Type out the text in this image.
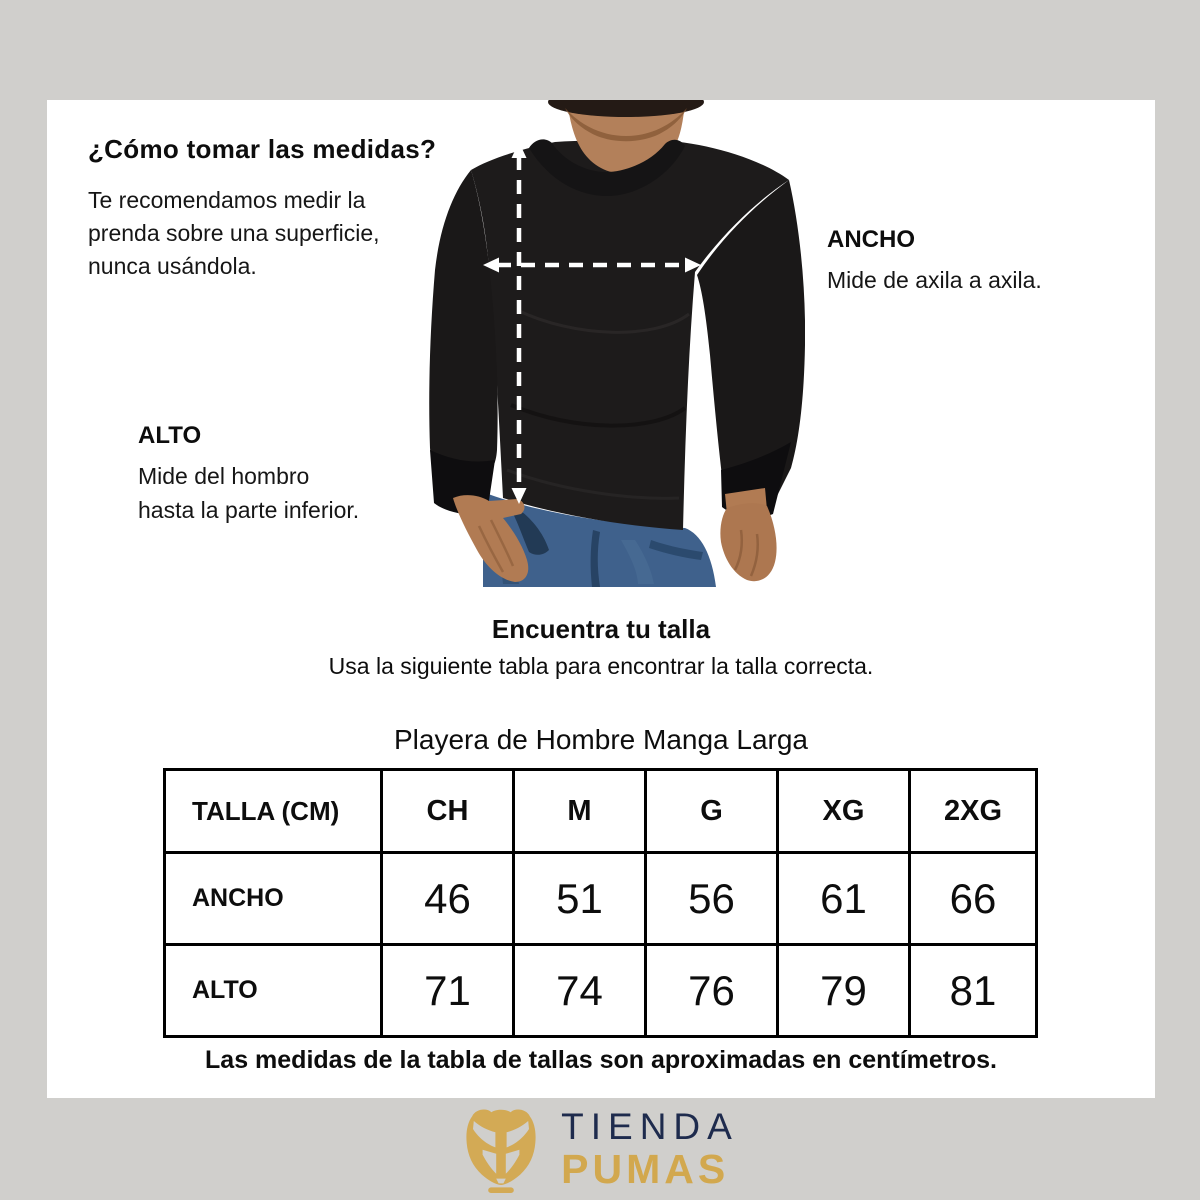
¿Cómo tomar las medidas?
Te recomendamos medir la
prenda sobre una superficie,
nunca usándola.
ANCHO
Mide de axila a axila.
ALTO
Mide del hombro
hasta la parte inferior.
Encuentra tu talla
Usa la siguiente tabla para encontrar la talla correcta.
Playera de Hombre Manga Larga
TALLA (CM)	CH	M	G	XG	2XG
ANCHO	46	51	56	61	66
ALTO	71	74	76	79	81
Las medidas de la tabla de tallas son aproximadas en centímetros.
TIENDA
PUMAS
